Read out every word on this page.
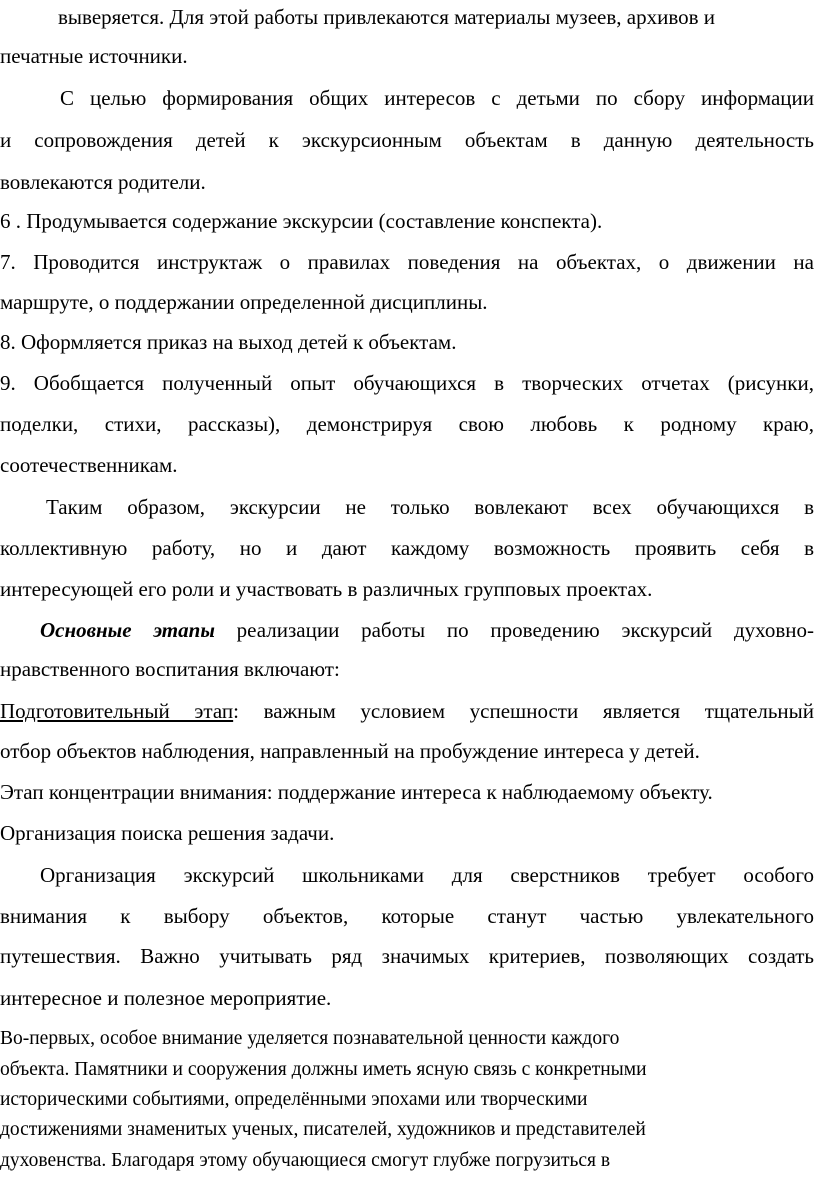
выверяется. Для этой работы привлекаются материалы музеев, архивов и
печатные источники.
С целью формирования общих интересов с детьми по сбору информации
и сопровождения детей к экскурсионным объектам в данную деятельность
вовлекаются родители.
6 . Продумывается содержание экскурсии (составление конспекта).
7. Проводится инструктаж о правилах поведения на объектах, о движении на
маршруте, о поддержании определенной дисциплины.
8. Оформляется приказ на выход детей к объектам.
9. Обобщается полученный опыт обучающихся в творческих отчетах (рисунки,
поделки, стихи, рассказы), демонстрируя свою любовь к родному краю,
соотечественникам.
Таким образом, экскурсии не только вовлекают всех обучающихся в
коллективную работу, но и дают каждому возможность проявить себя в
интересующей его роли и участвовать в различных групповых проектах.
Основные этапы реализации работы по проведению экскурсий духовно-
нравственного воспитания включают:
Подготовительный этап: важным условием успешности является тщательный
отбор объектов наблюдения, направленный на пробуждение интереса у детей.
Этап концентрации внимания: поддержание интереса к наблюдаемому объекту.
Организация поиска решения задачи.
Организация экскурсий школьниками для сверстников требует особого
внимания к выбору объектов, которые станут частью увлекательного
путешествия. Важно учитывать ряд значимых критериев, позволяющих создать
интересное и полезное мероприятие.
Во-первых, особое внимание уделяется познавательной ценности каждого
объекта. Памятники и сооружения должны иметь ясную связь с конкретными
историческими событиями, определёнными эпохами или творческими
достижениями знаменитых ученых, писателей, художников и представителей
духовенства. Благодаря этому обучающиеся смогут глубже погрузиться в
